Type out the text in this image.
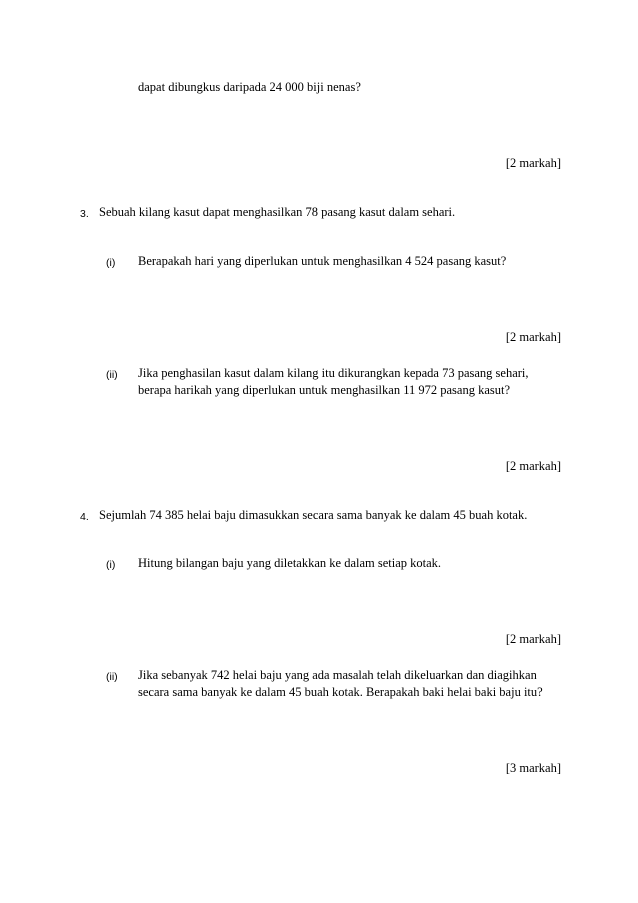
dapat dibungkus daripada 24 000 biji nenas?
[2 markah]
3. Sebuah kilang kasut dapat menghasilkan 78 pasang kasut dalam sehari.
(i) Berapakah hari yang diperlukan untuk menghasilkan 4 524 pasang kasut?
[2 markah]
(ii) Jika penghasilan kasut dalam kilang itu dikurangkan kepada 73 pasang sehari,
berapa harikah yang diperlukan untuk menghasilkan 11 972 pasang kasut?
[2 markah]
4. Sejumlah 74 385 helai baju dimasukkan secara sama banyak ke dalam 45 buah kotak.
(i) Hitung bilangan baju yang diletakkan ke dalam setiap kotak.
[2 markah]
(ii) Jika sebanyak 742 helai baju yang ada masalah telah dikeluarkan dan diagihkan
secara sama banyak ke dalam 45 buah kotak. Berapakah baki helai baki baju itu?
[3 markah]
